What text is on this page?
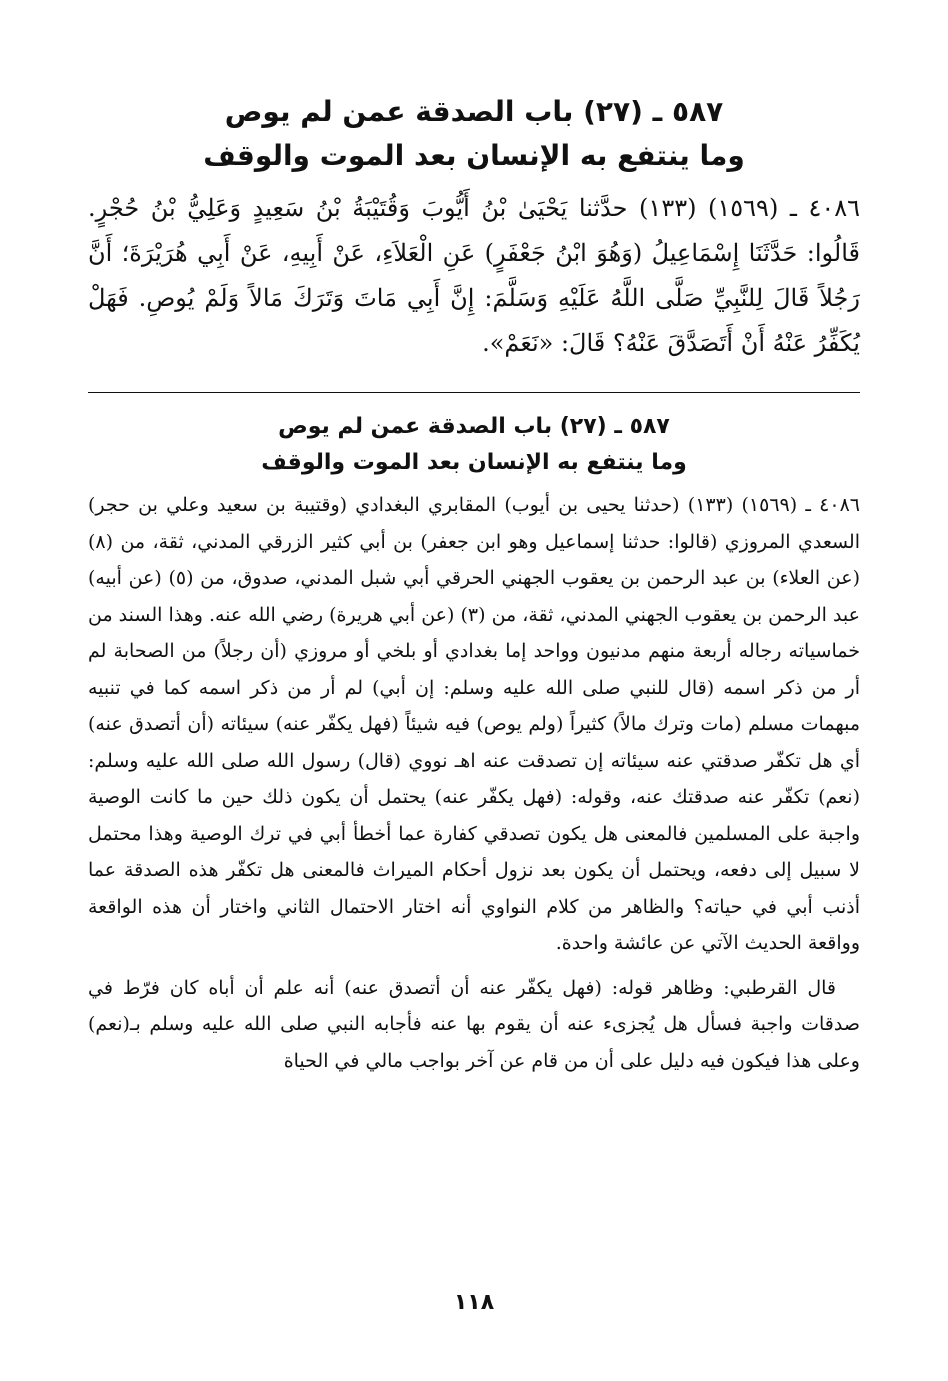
٥٨٧ ـ (٢٧) باب الصدقة عمن لم يوص
وما ينتفع به الإنسان بعد الموت والوقف

٤٠٨٦ ـ (١٥٦٩) (١٣٣) حدَّثنا يَحْيَىٰ بْنُ أَيُّوبَ وَقُتَيْبَةُ بْنُ سَعِيدٍ وَعَلِيُّ بْنُ حُجْرٍ. قَالُوا: حَدَّثَنَا إِسْمَاعِيلُ (وَهُوَ ابْنُ جَعْفَرٍ) عَنِ الْعَلاَءِ، عَنْ أَبِيهِ، عَنْ أَبِي هُرَيْرَةَ؛ أَنَّ رَجُلاً قَالَ لِلنَّبِيِّ صَلَّى اللَّهُ عَلَيْهِ وَسَلَّمَ: إِنَّ أَبِي مَاتَ وَتَرَكَ مَالاً وَلَمْ يُوصِ. فَهَلْ يُكَفِّرُ عَنْهُ أَنْ أَتَصَدَّقَ عَنْهُ؟ قَالَ: «نَعَمْ».

٥٨٧ ـ (٢٧) باب الصدقة عمن لم يوص
وما ينتفع به الإنسان بعد الموت والوقف

٤٠٨٦ ـ (١٥٦٩) (١٣٣) (حدثنا يحيى بن أيوب) المقابري البغدادي (وقتيبة بن سعيد وعلي بن حجر) السعدي المروزي (قالوا: حدثنا إسماعيل وهو ابن جعفر) بن أبي كثير الزرقي المدني، ثقة، من (٨) (عن العلاء) بن عبد الرحمن بن يعقوب الجهني الحرقي أبي شبل المدني، صدوق، من (٥) (عن أبيه) عبد الرحمن بن يعقوب الجهني المدني، ثقة، من (٣) (عن أبي هريرة) رضي الله عنه. وهذا السند من خماسياته رجاله أربعة منهم مدنيون وواحد إما بغدادي أو بلخي أو مروزي (أن رجلاً) من الصحابة لم أر من ذكر اسمه (قال للنبي صلى الله عليه وسلم: إن أبي) لم أر من ذكر اسمه كما في تنبيه مبهمات مسلم (مات وترك مالاً) كثيراً (ولم يوص) فيه شيئاً (فهل يكفّر عنه) سيئاته (أن أتصدق عنه) أي هل تكفّر صدقتي عنه سيئاته إن تصدقت عنه اهـ نووي (قال) رسول الله صلى الله عليه وسلم: (نعم) تكفّر عنه صدقتك عنه، وقوله: (فهل يكفّر عنه) يحتمل أن يكون ذلك حين ما كانت الوصية واجبة على المسلمين فالمعنى هل يكون تصدقي كفارة عما أخطأ أبي في ترك الوصية وهذا محتمل لا سبيل إلى دفعه، ويحتمل أن يكون بعد نزول أحكام الميراث فالمعنى هل تكفّر هذه الصدقة عما أذنب أبي في حياته؟ والظاهر من كلام النواوي أنه اختار الاحتمال الثاني واختار أن هذه الواقعة وواقعة الحديث الآتي عن عائشة واحدة.

قال القرطبي: وظاهر قوله: (فهل يكفّر عنه أن أتصدق عنه) أنه علم أن أباه كان فرّط في صدقات واجبة فسأل هل يُجزىء عنه أن يقوم بها عنه فأجابه النبي صلى الله عليه وسلم بـ(نعم) وعلى هذا فيكون فيه دليل على أن من قام عن آخر بواجب مالي في الحياة

١١٨
